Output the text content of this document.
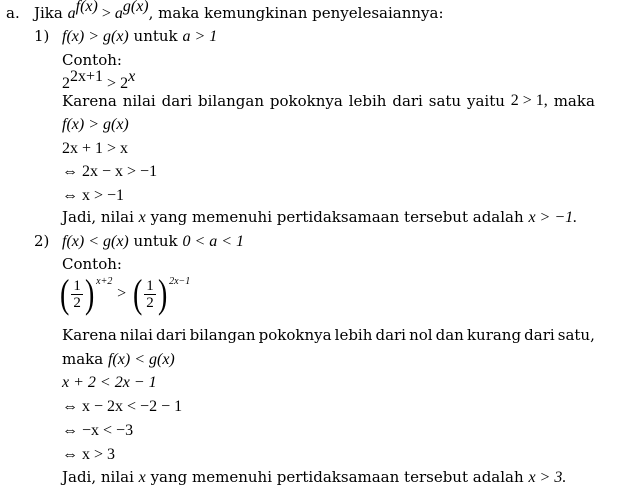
a. Jika $a^{f(x)} > a^{g(x)}$, maka kemungkinan penyelesaiannya:
1) f(x) > g(x) untuk a > 1
Contoh:
$2^{2x+1} > 2^x$
Karena nilai dari bilangan pokoknya lebih dari satu yaitu 2 > 1, maka
f(x) > g(x)
2x + 1 > x
⇔ 2x − x > −1
⇔ x > −1
Jadi, nilai x yang memenuhi pertidaksamaan tersebut adalah x > −1.
2) f(x) < g(x) untuk 0 < a < 1
Contoh:
( $\frac{1}{2}$ ) $^{x+2}$ > ( $\frac{1}{2}$ ) $^{2x-1}$
Karena nilai dari bilangan pokoknya lebih dari nol dan kurang dari satu,
maka f(x) < g(x)
x + 2 < 2x − 1
⇔ x − 2x < −2 − 1
⇔ −x < −3
⇔ x > 3
Jadi, nilai x yang memenuhi pertidaksamaan tersebut adalah x > 3.
